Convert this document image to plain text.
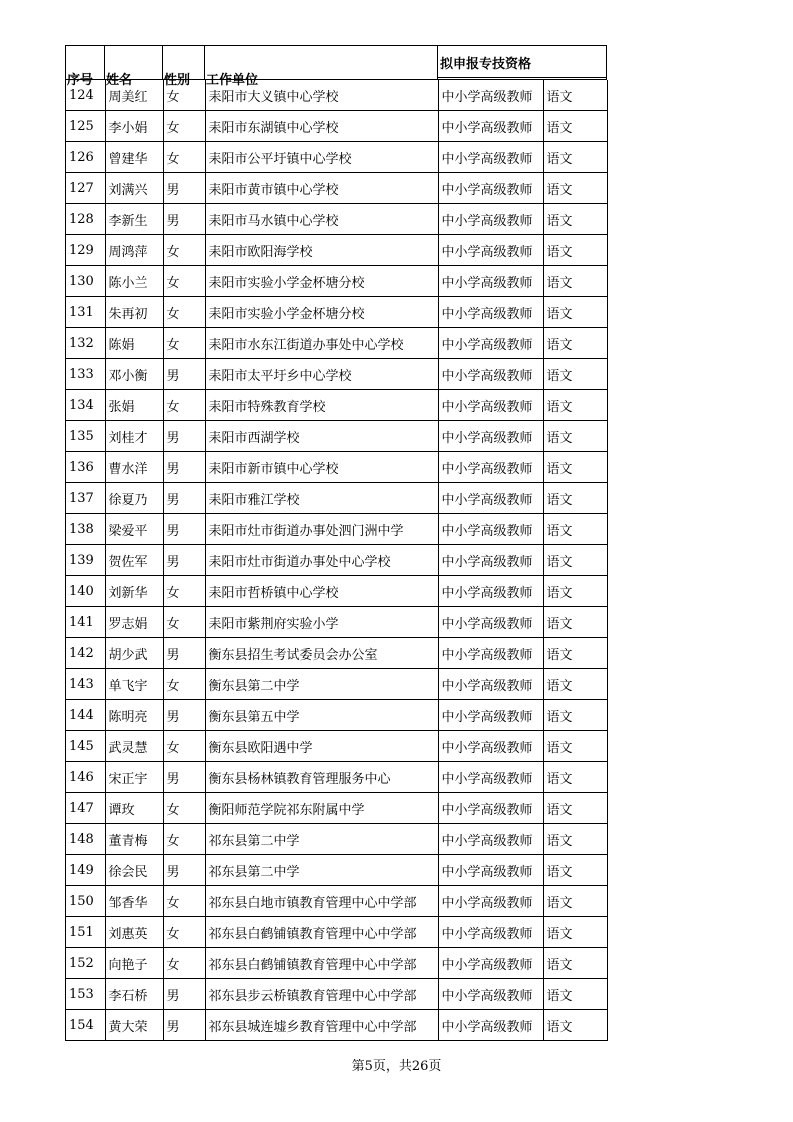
序号 姓名 性别 工作单位
拟申报专技资格
124	周美红	女	耒阳市大义镇中心学校	中小学高级教师	语文
125	李小娟	女	耒阳市东湖镇中心学校	中小学高级教师	语文
126	曾建华	女	耒阳市公平圩镇中心学校	中小学高级教师	语文
127	刘满兴	男	耒阳市黄市镇中心学校	中小学高级教师	语文
128	李新生	男	耒阳市马水镇中心学校	中小学高级教师	语文
129	周鸿萍	女	耒阳市欧阳海学校	中小学高级教师	语文
130	陈小兰	女	耒阳市实验小学金杯塘分校	中小学高级教师	语文
131	朱再初	女	耒阳市实验小学金杯塘分校	中小学高级教师	语文
132	陈娟	女	耒阳市水东江街道办事处中心学校	中小学高级教师	语文
133	邓小衡	男	耒阳市太平圩乡中心学校	中小学高级教师	语文
134	张娟	女	耒阳市特殊教育学校	中小学高级教师	语文
135	刘桂才	男	耒阳市西湖学校	中小学高级教师	语文
136	曹水洋	男	耒阳市新市镇中心学校	中小学高级教师	语文
137	徐夏乃	男	耒阳市雅江学校	中小学高级教师	语文
138	梁爱平	男	耒阳市灶市街道办事处泗门洲中学	中小学高级教师	语文
139	贺佐军	男	耒阳市灶市街道办事处中心学校	中小学高级教师	语文
140	刘新华	女	耒阳市哲桥镇中心学校	中小学高级教师	语文
141	罗志娟	女	耒阳市紫荆府实验小学	中小学高级教师	语文
142	胡少武	男	衡东县招生考试委员会办公室	中小学高级教师	语文
143	单飞宇	女	衡东县第二中学	中小学高级教师	语文
144	陈明亮	男	衡东县第五中学	中小学高级教师	语文
145	武灵慧	女	衡东县欧阳遇中学	中小学高级教师	语文
146	宋正宇	男	衡东县杨林镇教育管理服务中心	中小学高级教师	语文
147	谭玫	女	衡阳师范学院祁东附属中学	中小学高级教师	语文
148	董青梅	女	祁东县第二中学	中小学高级教师	语文
149	徐会民	男	祁东县第二中学	中小学高级教师	语文
150	邹香华	女	祁东县白地市镇教育管理中心中学部	中小学高级教师	语文
151	刘惠英	女	祁东县白鹤铺镇教育管理中心中学部	中小学高级教师	语文
152	向艳子	女	祁东县白鹤铺镇教育管理中心中学部	中小学高级教师	语文
153	李石桥	男	祁东县步云桥镇教育管理中心中学部	中小学高级教师	语文
154	黄大荣	男	祁东县城连墟乡教育管理中心中学部	中小学高级教师	语文
第5页，共26页
